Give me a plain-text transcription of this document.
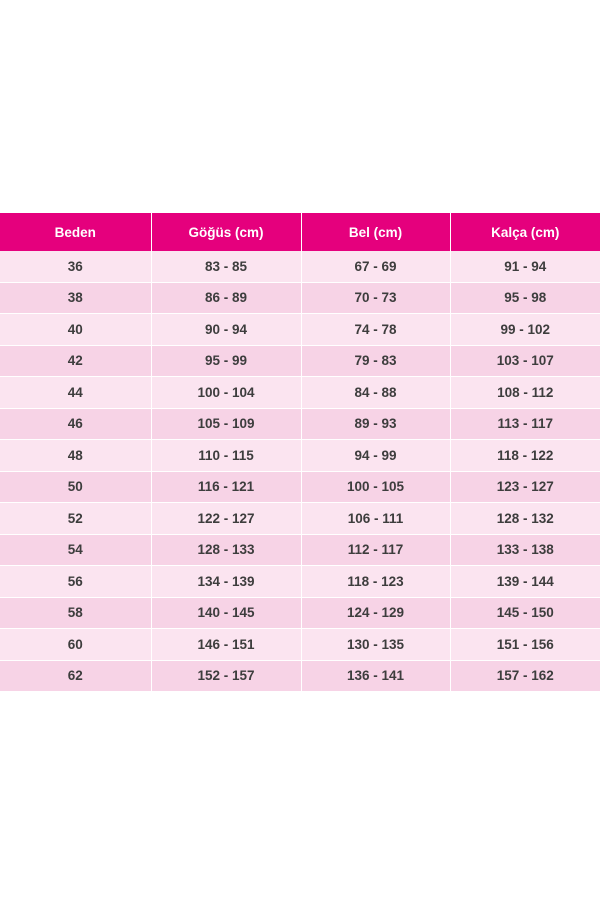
Beden	Göğüs (cm)	Bel (cm)	Kalça (cm)
36	83 - 85	67 - 69	91 - 94
38	86 - 89	70 - 73	95 - 98
40	90 - 94	74 - 78	99 - 102
42	95 - 99	79 - 83	103 - 107
44	100 - 104	84 - 88	108 - 112
46	105 - 109	89 - 93	113 - 117
48	110 - 115	94 - 99	118 - 122
50	116 - 121	100 - 105	123 - 127
52	122 - 127	106 - 111	128 - 132
54	128 - 133	112 - 117	133 - 138
56	134 - 139	118 - 123	139 - 144
58	140 - 145	124 - 129	145 - 150
60	146 - 151	130 - 135	151 - 156
62	152 - 157	136 - 141	157 - 162
